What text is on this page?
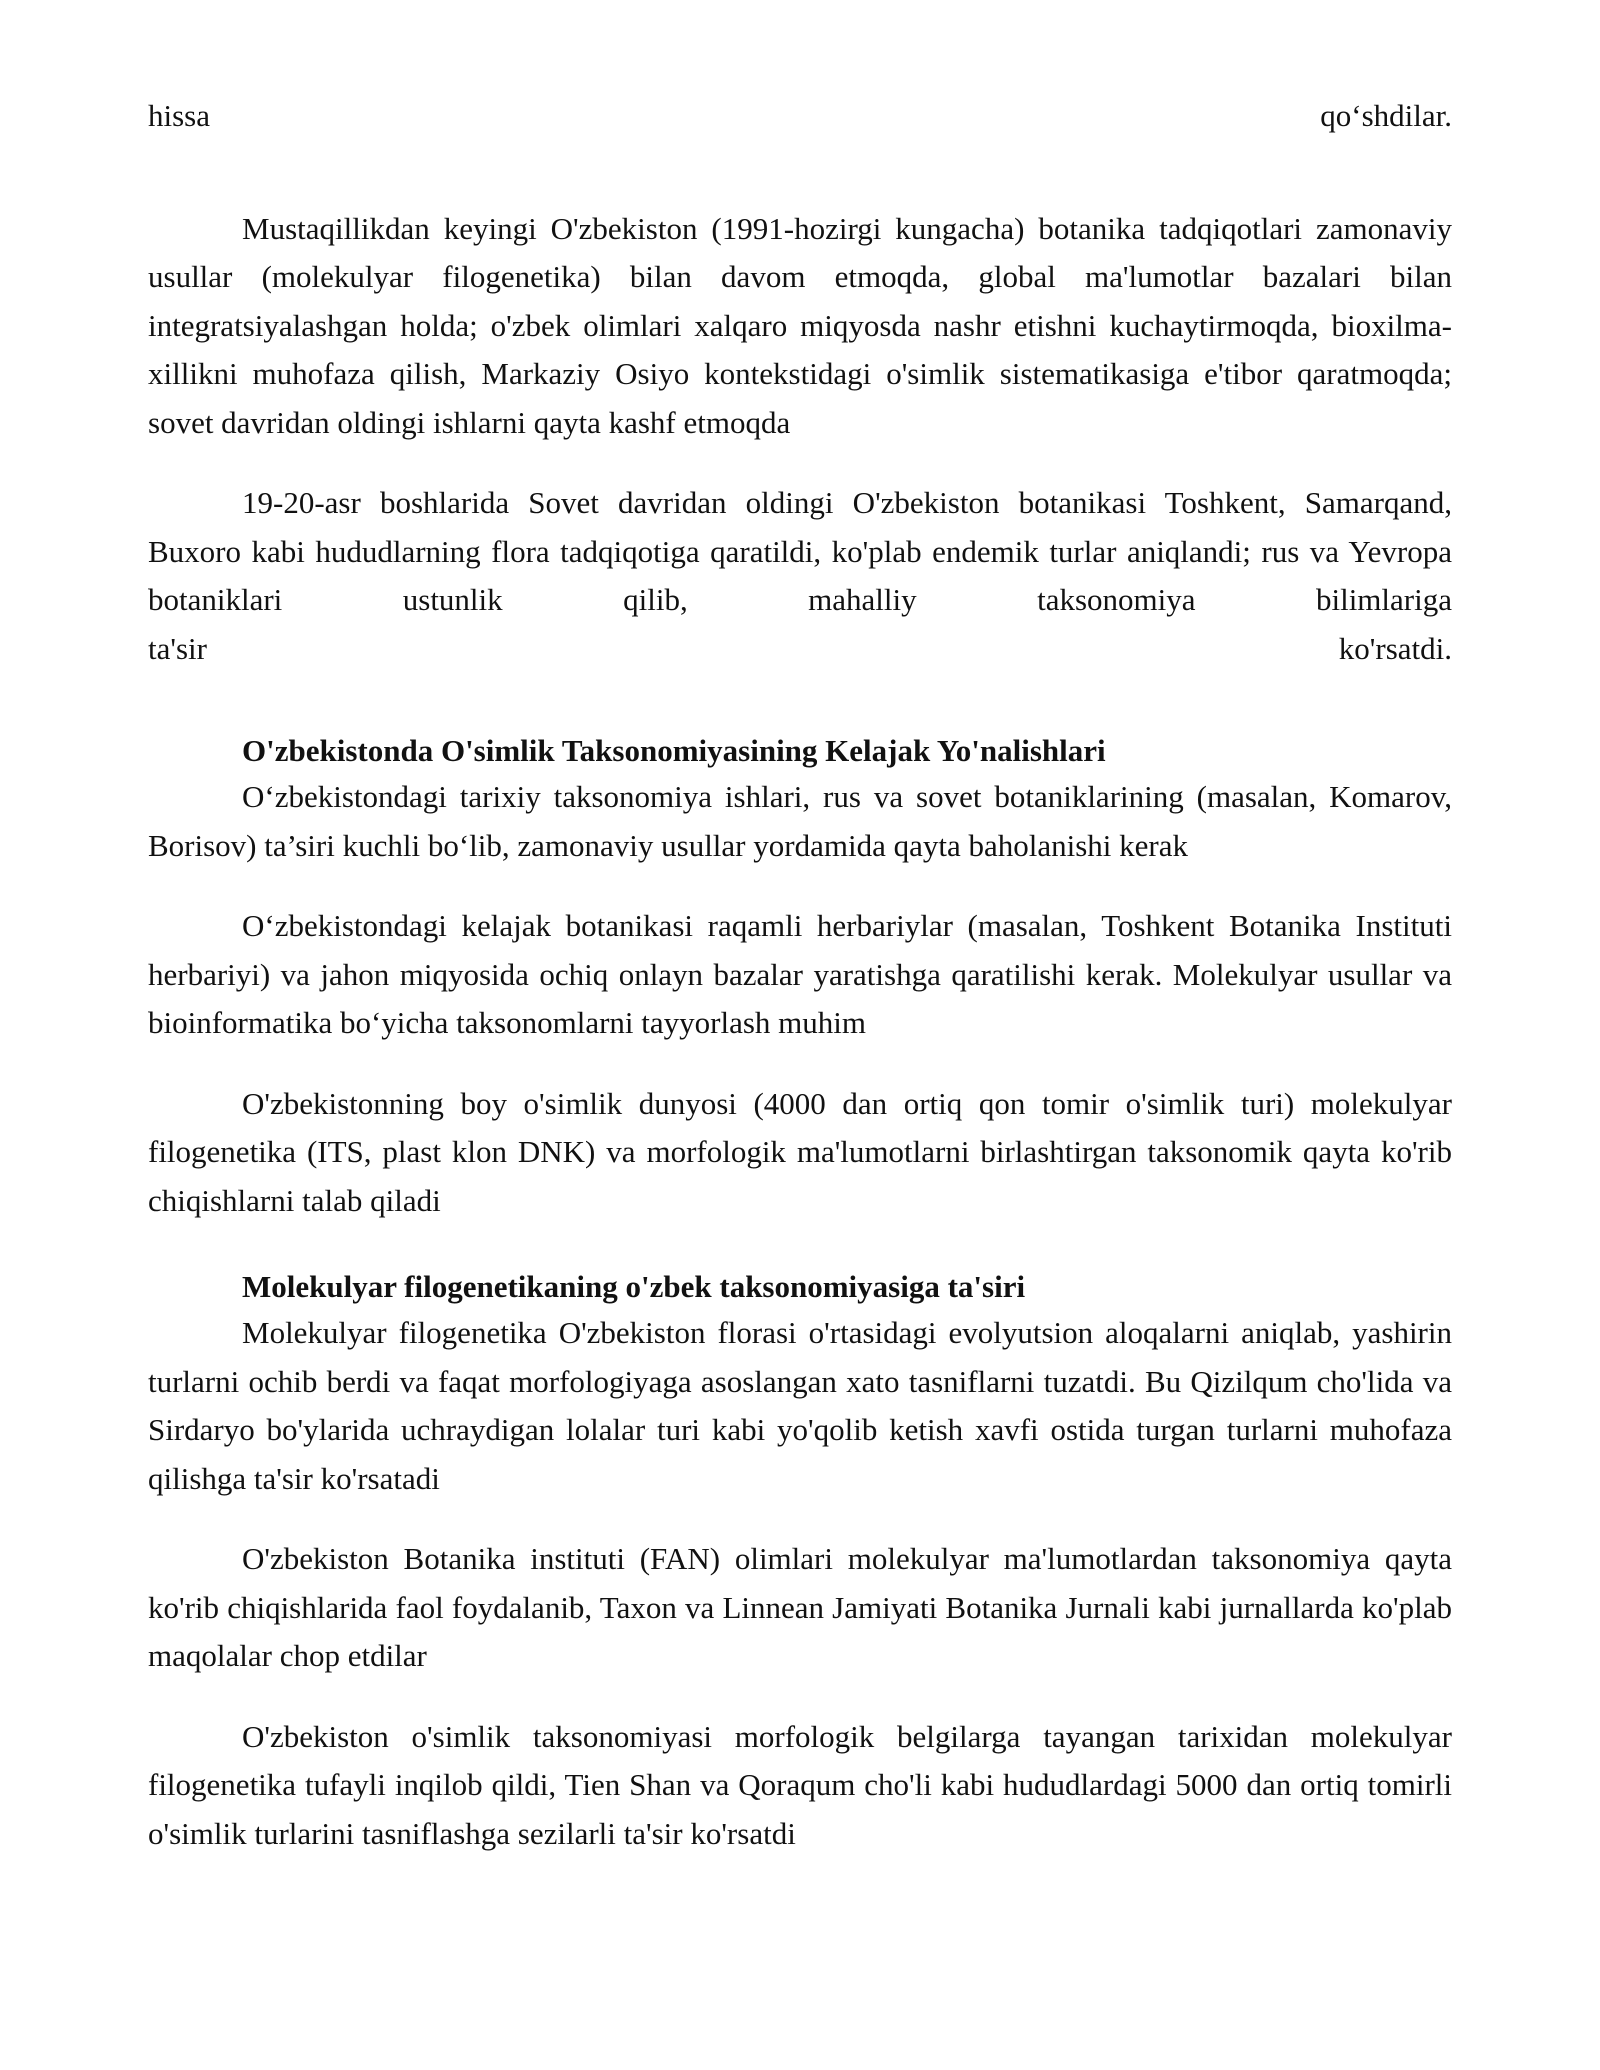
hissa	qo‘shdilar.

Mustaqillikdan keyingi O'zbekiston (1991-hozirgi kungacha) botanika tadqiqotlari zamonaviy usullar (molekulyar filogenetika) bilan davom etmoqda, global ma'lumotlar bazalari bilan integratsiyalashgan holda; o'zbek olimlari xalqaro miqyosda nashr etishni kuchaytirmoqda, bioxilma-xillikni muhofaza qilish, Markaziy Osiyo kontekstidagi o'simlik sistematikasiga e'tibor qaratmoqda; sovet davridan oldingi ishlarni qayta kashf etmoqda

19-20-asr boshlarida Sovet davridan oldingi O'zbekiston botanikasi Toshkent, Samarqand, Buxoro kabi hududlarning flora tadqiqotiga qaratildi, ko'plab endemik turlar aniqlandi; rus va Yevropa botaniklari ustunlik qilib, mahalliy taksonomiya bilimlariga

ta'sir	ko'rsatdi.
O'zbekistonda O'simlik Taksonomiyasining Kelajak Yo'nalishlari

O‘zbekistondagi tarixiy taksonomiya ishlari, rus va sovet botaniklarining (masalan, Komarov, Borisov) ta’siri kuchli bo‘lib, zamonaviy usullar yordamida qayta baholanishi kerak

O‘zbekistondagi kelajak botanikasi raqamli herbariylar (masalan, Toshkent Botanika Instituti herbariyi) va jahon miqyosida ochiq onlayn bazalar yaratishga qaratilishi kerak. Molekulyar usullar va bioinformatika bo‘yicha taksonomlarni tayyorlash muhim

O'zbekistonning boy o'simlik dunyosi (4000 dan ortiq qon tomir o'simlik turi) molekulyar filogenetika (ITS, plast klon DNK) va morfologik ma'lumotlarni birlashtirgan taksonomik qayta ko'rib chiqishlarni talab qiladi

Molekulyar filogenetikaning o'zbek taksonomiyasiga ta'siri

Molekulyar filogenetika O'zbekiston florasi o'rtasidagi evolyutsion aloqalarni aniqlab, yashirin turlarni ochib berdi va faqat morfologiyaga asoslangan xato tasniflarni tuzatdi. Bu Qizilqum cho'lida va Sirdaryo bo'ylarida uchraydigan lolalar turi kabi yo'qolib ketish xavfi ostida turgan turlarni muhofaza qilishga ta'sir ko'rsatadi

O'zbekiston Botanika instituti (FAN) olimlari molekulyar ma'lumotlardan taksonomiya qayta ko'rib chiqishlarida faol foydalanib, Taxon va Linnean Jamiyati Botanika Jurnali kabi jurnallarda ko'plab maqolalar chop etdilar

O'zbekiston o'simlik taksonomiyasi morfologik belgilarga tayangan tarixidan molekulyar filogenetika tufayli inqilob qildi, Tien Shan va Qoraqum cho'li kabi hududlardagi 5000 dan ortiq tomirli o'simlik turlarini tasniflashga sezilarli ta'sir ko'rsatdi
